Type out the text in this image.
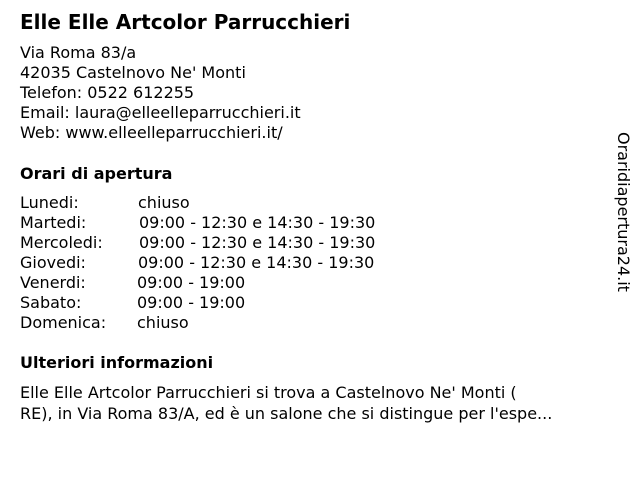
Elle Elle Artcolor Parrucchieri
Via Roma 83/a
42035 Castelnovo Ne' Monti
Telefon: 0522 612255
Email: laura@elleelleparrucchieri.it
Web: www.elleelleparrucchieri.it/
Orari di apertura
Lunedi:	chiuso
Martedi:	09:00 - 12:30 e 14:30 - 19:30
Mercoledi: 09:00 - 12:30 e 14:30 - 19:30
Giovedi:	09:00 - 12:30 e 14:30 - 19:30
Venerdi:	09:00 - 19:00
Sabato:	09:00 - 19:00
Domenica: chiuso
Ulteriori informazioni
Elle Elle Artcolor Parrucchieri si trova a Castelnovo Ne' Monti (
RE), in Via Roma 83/A, ed è un salone che si distingue per l'espe...
Oraridiapertura24.it
